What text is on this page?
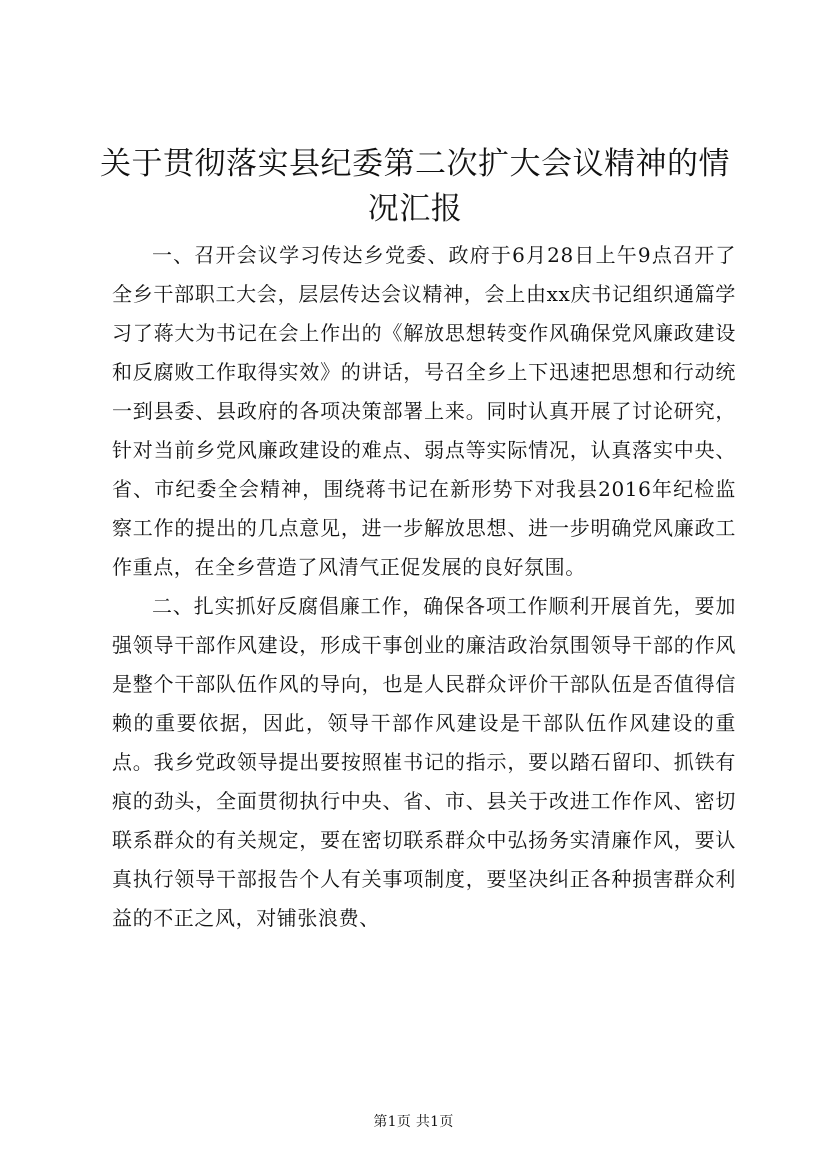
关于贯彻落实县纪委第二次扩大会议精神的情况汇报

一、召开会议学习传达乡党委、政府于6月28日上午9点召开了全乡干部职工大会，层层传达会议精神，会上由xx庆书记组织通篇学习了蒋大为书记在会上作出的《解放思想转变作风确保党风廉政建设和反腐败工作取得实效》的讲话，号召全乡上下迅速把思想和行动统一到县委、县政府的各项决策部署上来。同时认真开展了讨论研究，针对当前乡党风廉政建设的难点、弱点等实际情况，认真落实中央、省、市纪委全会精神，围绕蒋书记在新形势下对我县2016年纪检监察工作的提出的几点意见，进一步解放思想、进一步明确党风廉政工作重点，在全乡营造了风清气正促发展的良好氛围。

二、扎实抓好反腐倡廉工作，确保各项工作顺利开展首先，要加强领导干部作风建设，形成干事创业的廉洁政治氛围领导干部的作风是整个干部队伍作风的导向，也是人民群众评价干部队伍是否值得信赖的重要依据，因此，领导干部作风建设是干部队伍作风建设的重点。我乡党政领导提出要按照崔书记的指示，要以踏石留印、抓铁有痕的劲头，全面贯彻执行中央、省、市、县关于改进工作作风、密切联系群众的有关规定，要在密切联系群众中弘扬务实清廉作风，要认真执行领导干部报告个人有关事项制度，要坚决纠正各种损害群众利益的不正之风，对铺张浪费、

第1页 共1页
